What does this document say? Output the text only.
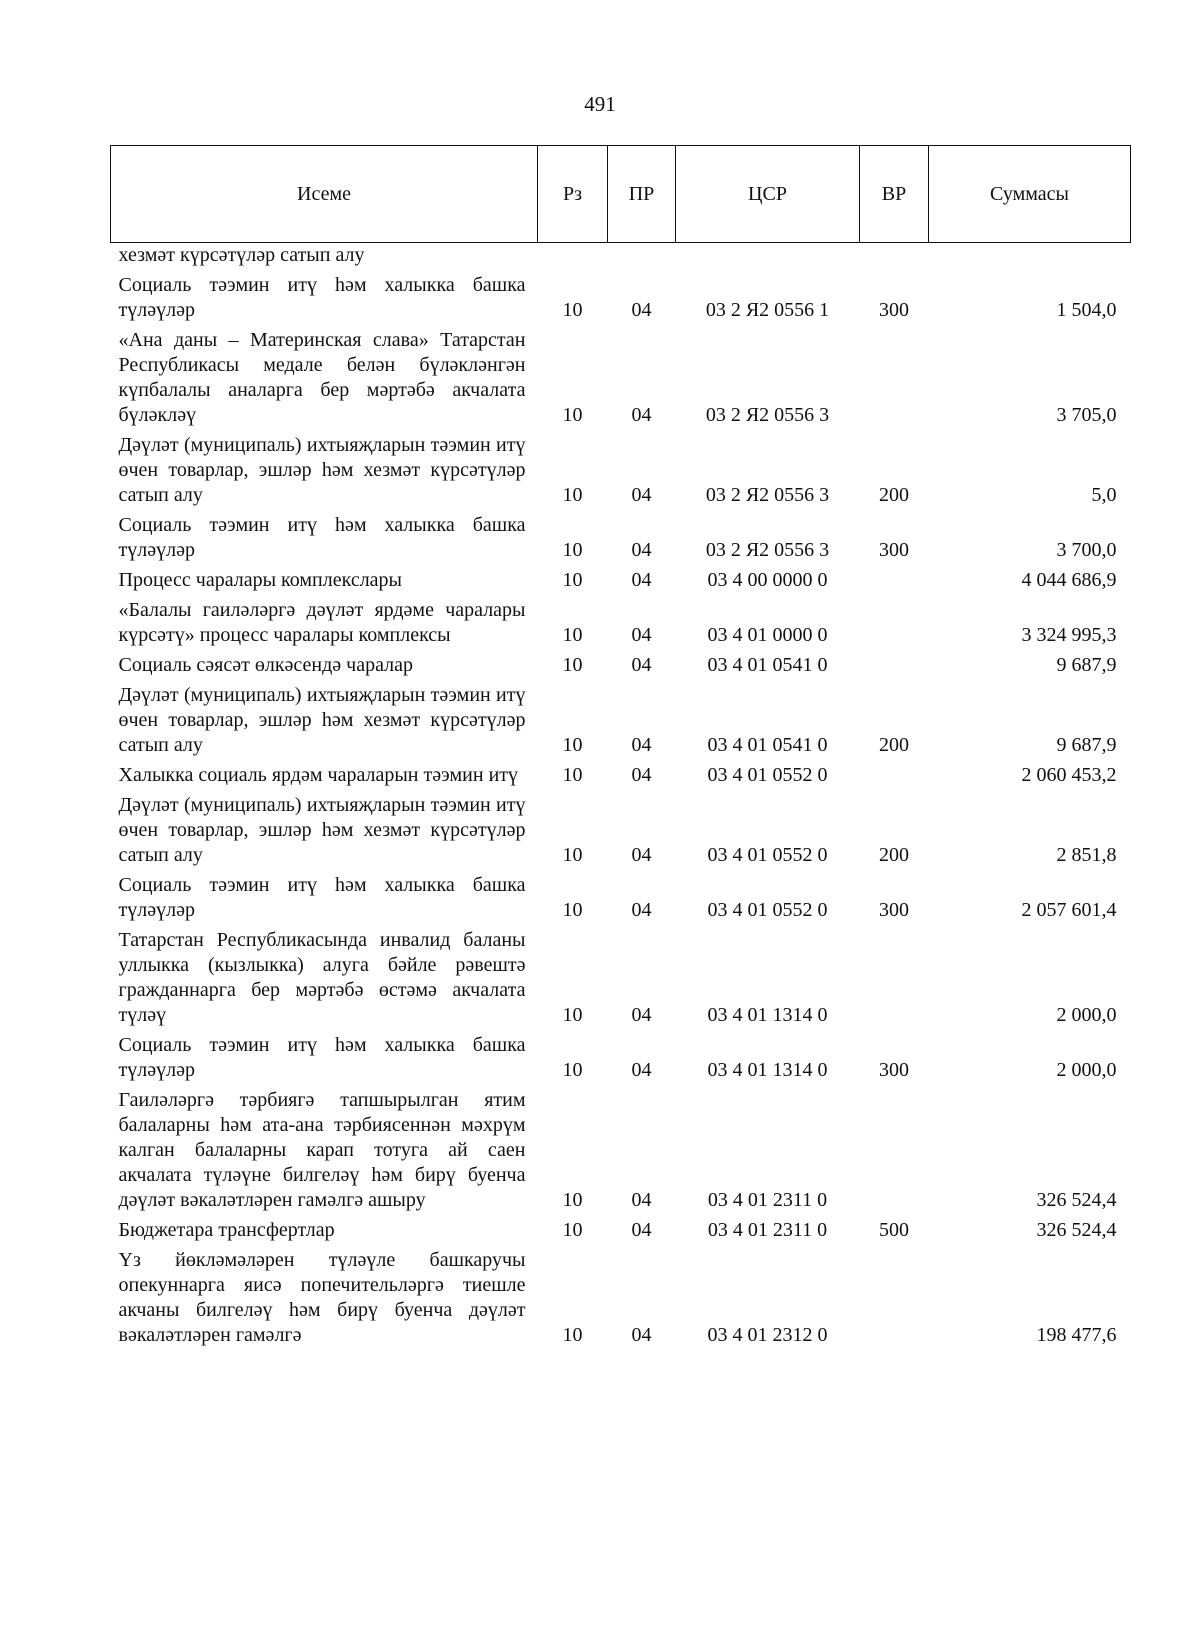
491
Исеме	Рз	ПР	ЦСР	ВР	Суммасы
хезмәт күрсәтүләр сатып алу					
Социаль тәэмин итү һәм халыкка башка түләүләр	10	04	03 2 Я2 0556 1	300	1 504,0
«Ана даны – Материнская слава» Татарстан Республикасы медале белән бүләкләнгән күпбалалы аналарга бер мәртәбә акчалата бүләкләү	10	04	03 2 Я2 0556 3		3 705,0
Дәүләт (муниципаль) ихтыяҗларын тәэмин итү өчен товарлар, эшләр һәм хезмәт күрсәтүләр сатып алу	10	04	03 2 Я2 0556 3	200	5,0
Социаль тәэмин итү һәм халыкка башка түләүләр	10	04	03 2 Я2 0556 3	300	3 700,0
Процесс чаралары комплекслары	10	04	03 4 00 0000 0		4 044 686,9
«Балалы гаиләләргә дәүләт ярдәме чаралары күрсәтү» процесс чаралары комплексы	10	04	03 4 01 0000 0		3 324 995,3
Социаль сәясәт өлкәсендә чаралар	10	04	03 4 01 0541 0		9 687,9
Дәүләт (муниципаль) ихтыяҗларын тәэмин итү өчен товарлар, эшләр һәм хезмәт күрсәтүләр сатып алу	10	04	03 4 01 0541 0	200	9 687,9
Халыкка социаль ярдәм чараларын тәэмин итү	10	04	03 4 01 0552 0		2 060 453,2
Дәүләт (муниципаль) ихтыяҗларын тәэмин итү өчен товарлар, эшләр һәм хезмәт күрсәтүләр сатып алу	10	04	03 4 01 0552 0	200	2 851,8
Социаль тәэмин итү һәм халыкка башка түләүләр	10	04	03 4 01 0552 0	300	2 057 601,4
Татарстан Республикасында инвалид баланы уллыкка (кызлыкка) алуга бәйле рәвештә гражданнарга бер мәртәбә өстәмә акчалата түләү	10	04	03 4 01 1314 0		2 000,0
Социаль тәэмин итү һәм халыкка башка түләүләр	10	04	03 4 01 1314 0	300	2 000,0
Гаиләләргә тәрбиягә тапшырылган ятим балаларны һәм ата-ана тәрбиясеннән мәхрүм калган балаларны карап тотуга ай саен акчалата түләүне билгеләү һәм бирү буенча дәүләт вәкаләтләрен гамәлгә ашыру	10	04	03 4 01 2311 0		326 524,4
Бюджетара трансфертлар	10	04	03 4 01 2311 0	500	326 524,4
Үз йөкләмәләрен түләүле башкаручы опекуннарга яисә попечительләргә тиешле акчаны билгеләү һәм бирү буенча дәүләт вәкаләтләрен гамәлгә	10	04	03 4 01 2312 0		198 477,6
